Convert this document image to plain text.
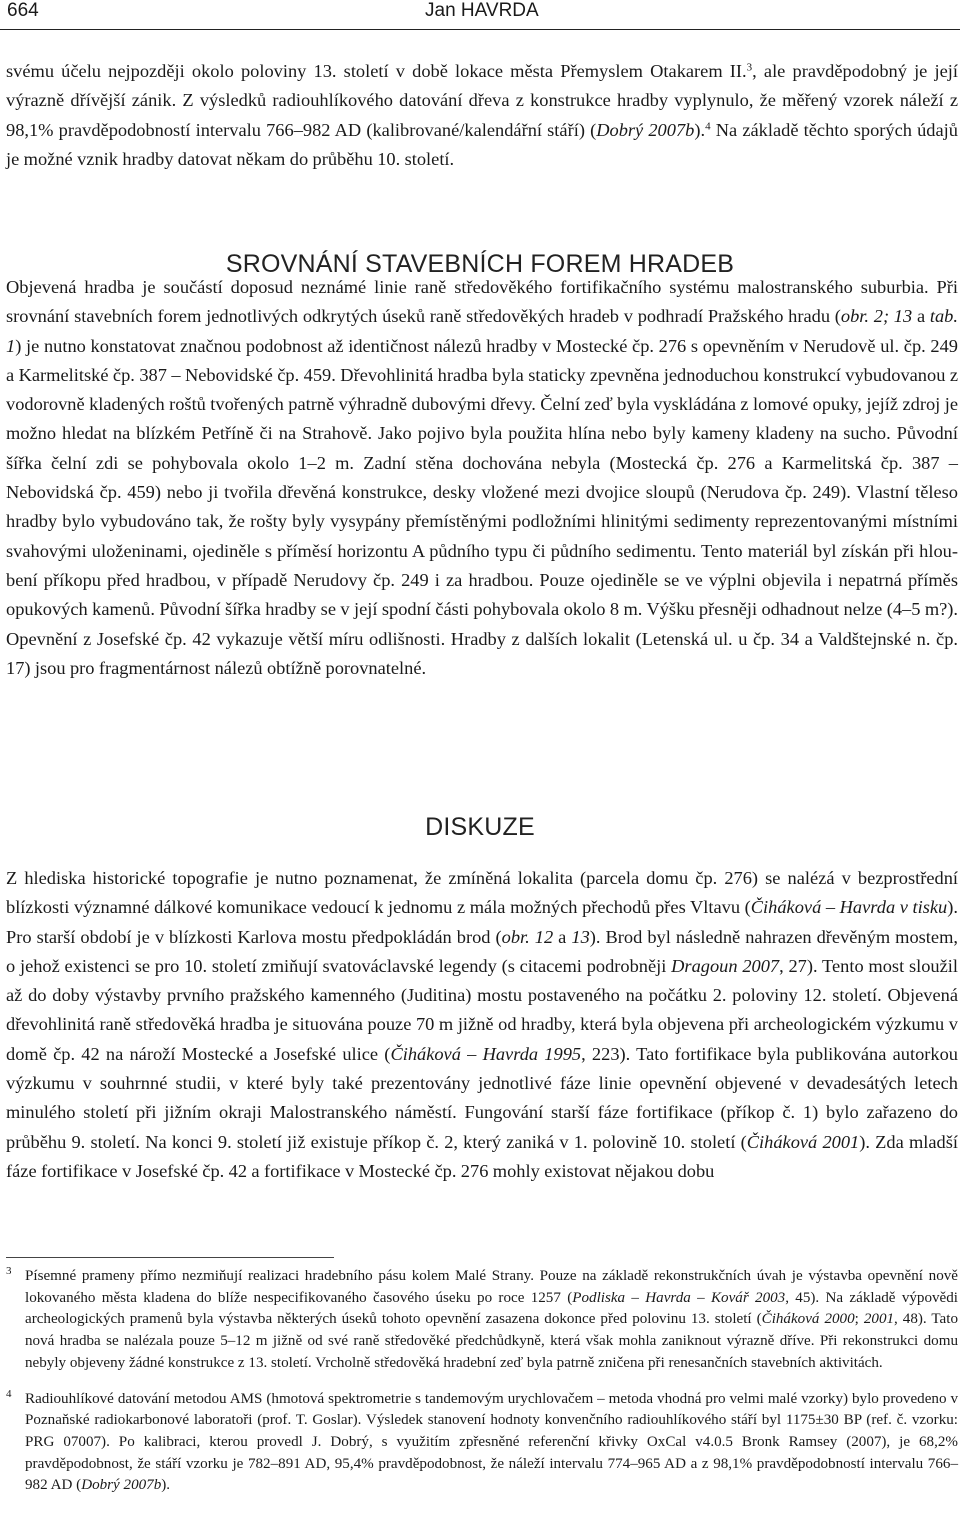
664	Jan HAVRDA

svému účelu nejpozději okolo poloviny 13. století v době lokace města Přemyslem Otakarem II.$^3$, ale pravděpodobný je její výrazně dřívější zánik. Z výsledků radiouhlíkového datování dřeva z konstrukce hradby vyplynulo, že měřený vzorek náleží z 98,1% pravděpodobností intervalu 766–982 AD (kalibrované/kalendářní stáří) (Dobrý 2007b).$^4$ Na základě těchto sporých údajů je možné vznik hradby datovat někam do průběhu 10. století.

SROVNÁNÍ STAVEBNÍCH FOREM HRADEB

Objevená hradba je součástí doposud neznámé linie raně středověkého fortifikačního systému malostranského suburbia. Při srovnání stavebních forem jednotlivých odkrytých úseků raně středověkých hradeb v podhradí Pražského hradu (obr. 2; 13 a tab. 1) je nutno konstatovat značnou podobnost až identičnost nálezů hradby v Mostecké čp. 276 s opevněním v Nerudově ul. čp. 249 a Karmelitské čp. 387 – Nebovidské čp. 459. Dřevohlinitá hradba byla staticky zpevněna jednoduchou konstrukcí vybudovanou z vodorovně kladených roštů tvořených patrně výhradně dubovými dřevy. Čelní zeď byla vyskládána z lomové opuky, jejíž zdroj je možno hledat na blízkém Petříně či na Strahově. Jako pojivo byla použita hlína nebo byly kameny kladeny na sucho. Původní šířka čelní zdi se pohybovala okolo 1–2 m. Zadní stěna dochována nebyla (Mostecká čp. 276 a Karmelitská čp. 387 – Nebovidská čp. 459) nebo ji tvořila dřevěná konstrukce, desky vložené mezi dvojice sloupů (Nerudova čp. 249). Vlastní těleso hradby bylo vybudováno tak, že rošty byly vysypány přemístěnými podložními hlinitými sedimenty reprezentovanými místními svahovými uloženinami, ojediněle s příměsí horizontu A půdního typu či půdního sedimentu. Tento materiál byl získán při hloubení příkopu před hradbou, v případě Nerudovy čp. 249 i za hradbou. Pouze ojediněle se ve výplni objevila i nepatrná příměs opukových kamenů. Původní šířka hradby se v její spodní části pohybovala okolo 8 m. Výšku přesněji odhadnout nelze (4–5 m?). Opevnění z Josefské čp. 42 vykazuje větší míru odlišnosti. Hradby z dalších lokalit (Letenská ul. u čp. 34 a Valdštejnské n. čp. 17) jsou pro fragmentárnost nálezů obtížně porovnatelné.

DISKUZE

Z hlediska historické topografie je nutno poznamenat, že zmíněná lokalita (parcela domu čp. 276) se nalézá v bezprostřední blízkosti významné dálkové komunikace vedoucí k jednomu z mála možných přechodů přes Vltavu (Čiháková – Havrda v tisku). Pro starší období je v blízkosti Karlova mostu předpokládán brod (obr. 12 a 13). Brod byl následně nahrazen dřevěným mostem, o jehož existenci se pro 10. století zmiňují svatováclavské legendy (s citacemi podrobněji Dragoun 2007, 27). Tento most sloužil až do doby výstavby prvního pražského kamenného (Juditina) mostu postaveného na počátku 2. poloviny 12. století. Objevená dřevohlinitá raně středověká hradba je situována pouze 70 m jižně od hradby, která byla objevena při archeologickém výzkumu v domě čp. 42 na nároží Mostecké a Josefské ulice (Čiháková – Havrda 1995, 223). Tato fortifikace byla publikována autorkou výzkumu v souhrnné studii, v které byly také prezentovány jednotlivé fáze linie opevnění objevené v devadesátých letech minulého století při jižním okraji Malostranského náměstí. Fungování starší fáze fortifikace (příkop č. 1) bylo zařazeno do průběhu 9. století. Na konci 9. století již existuje příkop č. 2, který zaniká v 1. polovině 10. století (Čiháková 2001). Zda mladší fáze fortifikace v Josefské čp. 42 a fortifikace v Mostecké čp. 276 mohly existovat nějakou dobu

3 Písemné prameny přímo nezmiňují realizaci hradebního pásu kolem Malé Strany. Pouze na základě rekonstrukčních úvah je výstavba opevnění nově lokovaného města kladena do blíže nespecifikovaného časového úseku po roce 1257 (Podliska – Havrda – Kovář 2003, 45). Na základě výpovědi archeologických pramenů byla výstavba některých úseků tohoto opevnění zasazena dokonce před polovinu 13. století (Čiháková 2000; 2001, 48). Tato nová hradba se nalézala pouze 5–12 m jižně od své raně středověké předchůdkyně, která však mohla zaniknout výrazně dříve. Při rekonstrukci domu nebyly objeveny žádné konstrukce z 13. století. Vrcholně středověká hradební zeď byla patrně zničena při renesančních stavebních aktivitách.

4 Radiouhlíkové datování metodou AMS (hmotová spektrometrie s tandemovým urychlovačem – metoda vhodná pro velmi malé vzorky) bylo provedeno v Poznaňské radiokarbonové laboratoři (prof. T. Goslar). Výsledek stanovení hodnoty konvenčního radiouhlíkového stáří byl 1175±30 BP (ref. č. vzorku: PRG 07007). Po kalibraci, kterou provedl J. Dobrý, s využitím zpřesněné referenční křivky OxCal v4.0.5 Bronk Ramsey (2007), je 68,2% pravděpodobnost, že stáří vzorku je 782–891 AD, 95,4% pravděpodobnost, že náleží intervalu 774–965 AD a z 98,1% pravděpodobností intervalu 766–982 AD (Dobrý 2007b).
